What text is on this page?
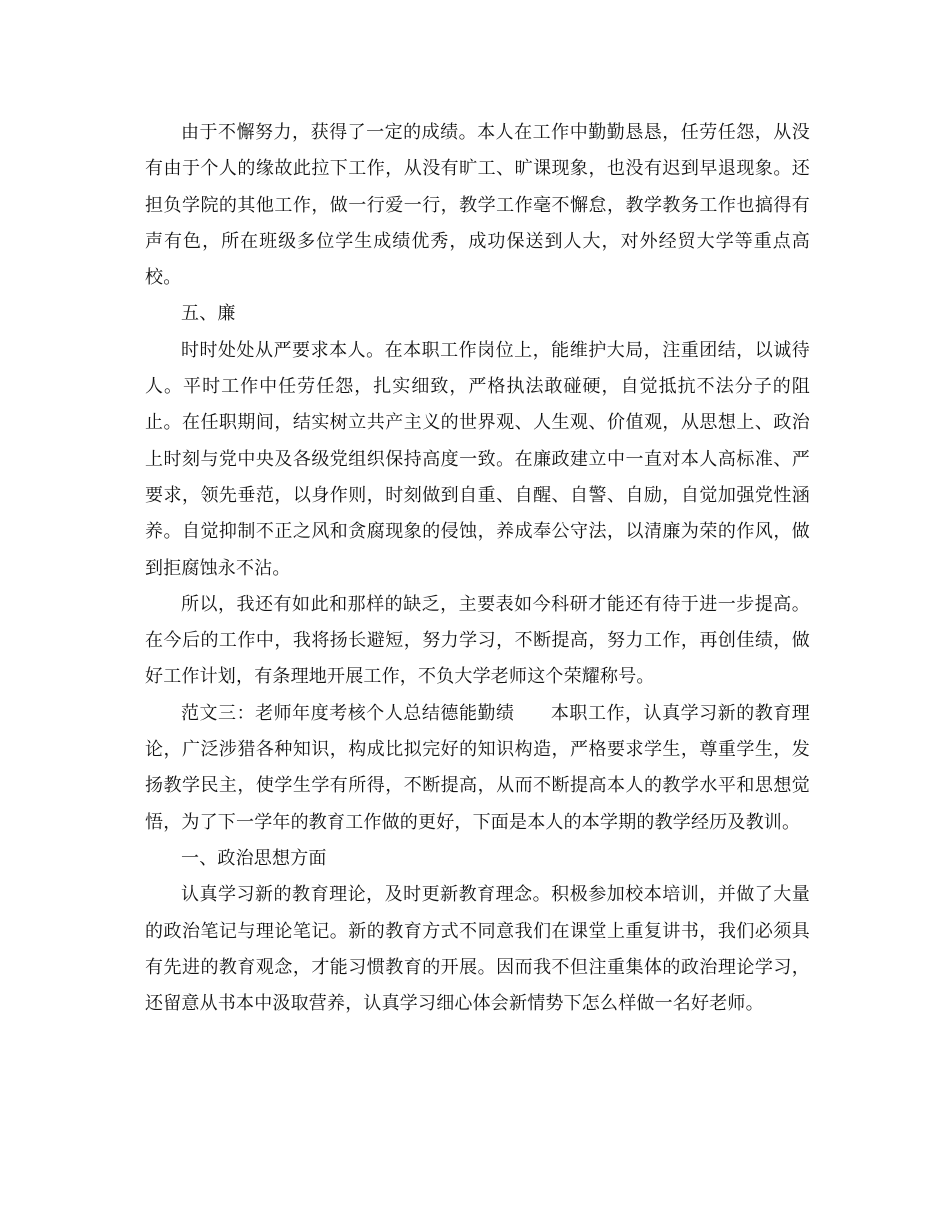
由于不懈努力，获得了一定的成绩。本人在工作中勤勤恳恳，任劳任怨，从没有由于个人的缘故此拉下工作，从没有旷工、旷课现象，也没有迟到早退现象。还担负学院的其他工作，做一行爱一行，教学工作毫不懈怠，教学教务工作也搞得有声有色，所在班级多位学生成绩优秀，成功保送到人大，对外经贸大学等重点高校。

五、廉

时时处处从严要求本人。在本职工作岗位上，能维护大局，注重团结，以诚待人。平时工作中任劳任怨，扎实细致，严格执法敢碰硬，自觉抵抗不法分子的阻止。在任职期间，结实树立共产主义的世界观、人生观、价值观，从思想上、政治上时刻与党中央及各级党组织保持高度一致。在廉政建立中一直对本人高标准、严要求，领先垂范，以身作则，时刻做到自重、自醒、自警、自励，自觉加强党性涵养。自觉抑制不正之风和贪腐现象的侵蚀，养成奉公守法，以清廉为荣的作风，做到拒腐蚀永不沾。

所以，我还有如此和那样的缺乏，主要表如今科研才能还有待于进一步提高。在今后的工作中，我将扬长避短，努力学习，不断提高，努力工作，再创佳绩，做好工作计划，有条理地开展工作，不负大学老师这个荣耀称号。

范文三：老师年度考核个人总结德能勤绩 本职工作，认真学习新的教育理论，广泛涉猎各种知识，构成比拟完好的知识构造，严格要求学生，尊重学生，发扬教学民主，使学生学有所得，不断提高，从而不断提高本人的教学水平和思想觉悟，为了下一学年的教育工作做的更好，下面是本人的本学期的教学经历及教训。

一、政治思想方面

认真学习新的教育理论，及时更新教育理念。积极参加校本培训，并做了大量的政治笔记与理论笔记。新的教育方式不同意我们在课堂上重复讲书，我们必须具有先进的教育观念，才能习惯教育的开展。因而我不但注重集体的政治理论学习，还留意从书本中汲取营养，认真学习细心体会新情势下怎么样做一名好老师。
